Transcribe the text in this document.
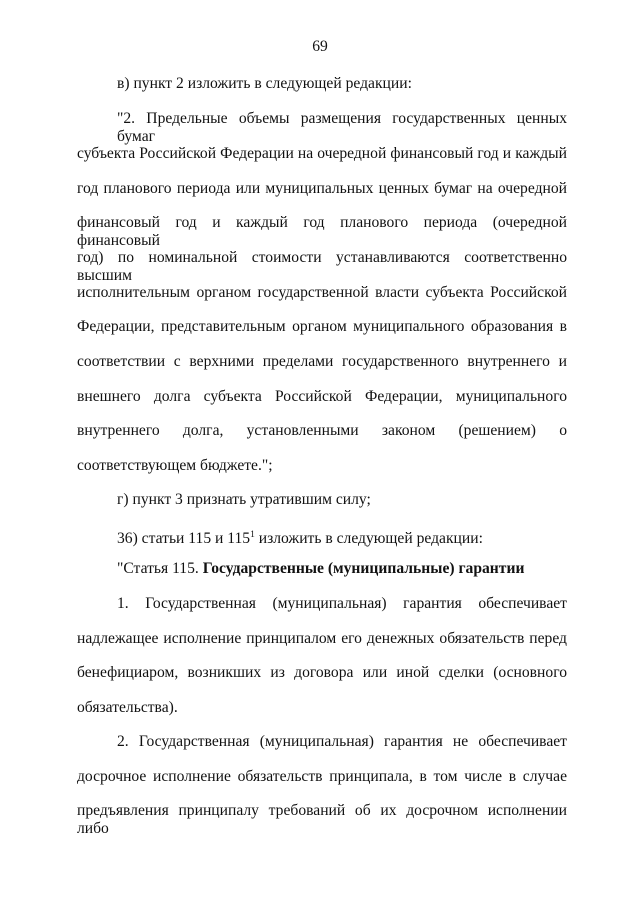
69
в) пункт 2 изложить в следующей редакции:
"2. Предельные объемы размещения государственных ценных бумаг
субъекта Российской Федерации на очередной финансовый год и каждый
год планового периода или муниципальных ценных бумаг на очередной
финансовый год и каждый год планового периода (очередной финансовый
год) по номинальной стоимости устанавливаются соответственно высшим
исполнительным органом государственной власти субъекта Российской
Федерации, представительным органом муниципального образования в
соответствии с верхними пределами государственного внутреннего и
внешнего долга субъекта Российской Федерации, муниципального
внутреннего долга, установленными законом (решением) о
соответствующем бюджете.";
г) пункт 3 признать утратившим силу;
36) статьи 115 и $115^1$ изложить в следующей редакции:
"Статья 115. Государственные (муниципальные) гарантии
1. Государственная (муниципальная) гарантия обеспечивает
надлежащее исполнение принципалом его денежных обязательств перед
бенефициаром, возникших из договора или иной сделки (основного
обязательства).
2. Государственная (муниципальная) гарантия не обеспечивает
досрочное исполнение обязательств принципала, в том числе в случае
предъявления принципалу требований об их досрочном исполнении либо
